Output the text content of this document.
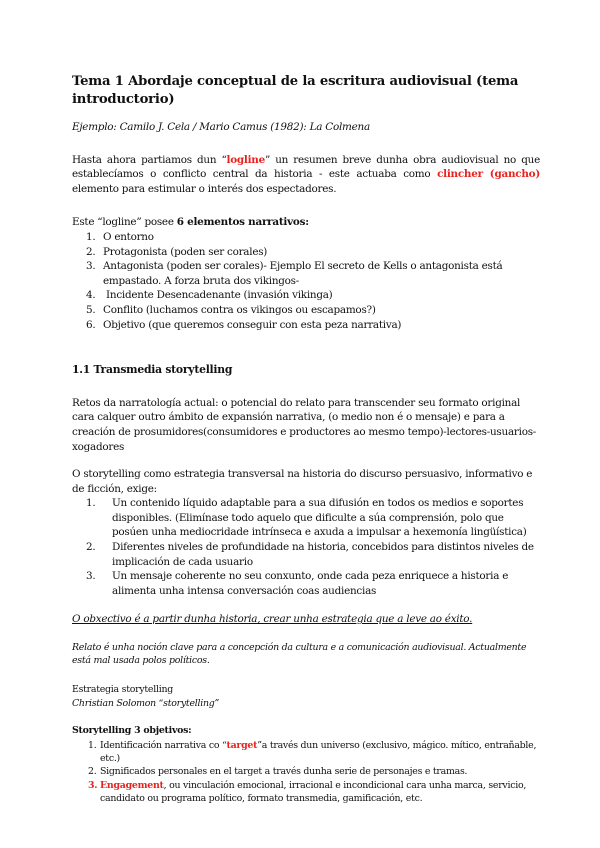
Tema 1 Abordaje conceptual de la escritura audiovisual (tema introductorio)

Ejemplo: Camilo J. Cela / Mario Camus (1982): La Colmena

Hasta ahora partiamos dun “logline” un resumen breve dunha obra audiovisual no que establecíamos o conflicto central da historia - este actuaba como clincher (gancho) elemento para estimular o interés dos espectadores.

Este “logline” posee 6 elementos narrativos:

1. O entorno
2. Protagonista (poden ser corales)
3. Antagonista (poden ser corales)- Ejemplo El secreto de Kells o antagonista está empastado. A forza bruta dos vikingos-
4. Incidente Desencadenante (invasión vikinga)
5. Conflito (luchamos contra os vikingos ou escapamos?)
6. Objetivo (que queremos conseguir con esta peza narrativa)
1.1 Transmedia storytelling

Retos da narratología actual: o potencial do relato para transcender seu formato original cara calquer outro ámbito de expansión narrativa, (o medio non é o mensaje) e para a creación de prosumidores(consumidores e productores ao mesmo tempo)-lectores-usuarios-xogadores

O storytelling como estrategia transversal na historia do discurso persuasivo, informativo e de ficción, exige:

1.	Un contenido líquido adaptable para a sua difusión en todos os medios e soportes disponibles. (Elimínase todo aquelo que dificulte a súa comprensión, polo que posúen unha mediocridade intrínseca e axuda a impulsar a hexemonía lingüística)
2.	Diferentes niveles de profundidade na historia, concebidos para distintos niveles de implicación de cada usuario
3.	Un mensaje coherente no seu conxunto, onde cada peza enriquece a historia e alimenta unha intensa conversación coas audiencias

O obxectivo é a partir dunha historia, crear unha estrategia que a leve ao éxito.

Relato é unha noción clave para a concepción da cultura e a comunicación audiovisual. Actualmente está mal usada polos políticos.

Estrategia storytelling

Christian Solomon “storytelling”

Storytelling 3 objetivos:

1. Identificación narrativa co “target”a través dun universo (exclusivo, mágico. mítico, entrañable, etc.)
2. Significados personales en el target a través dunha serie de personajes e tramas.
3. Engagement, ou vinculación emocional, irracional e incondicional cara unha marca, servicio, candidato ou programa político, formato transmedia, gamificación, etc.
